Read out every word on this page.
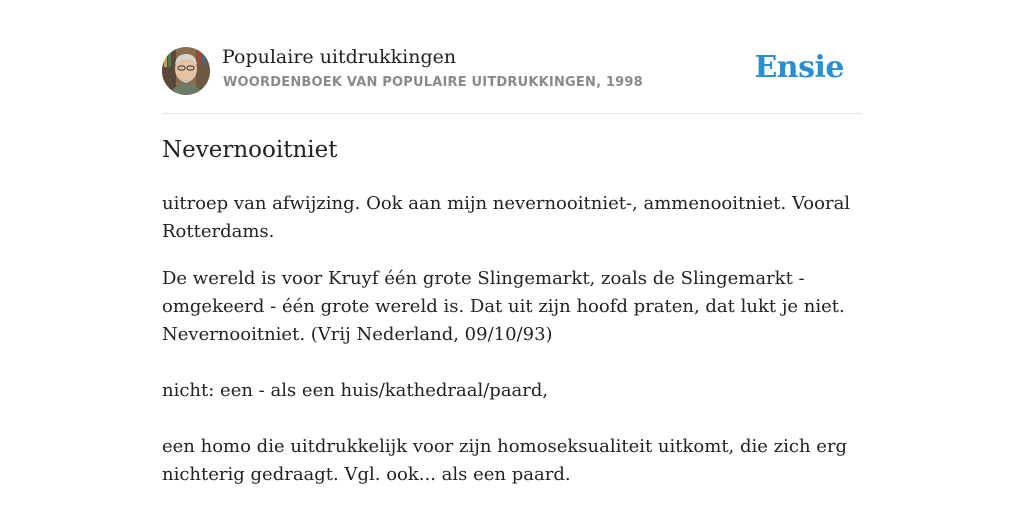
Populaire uitdrukkingen
WOORDENBOEK VAN POPULAIRE UITDRUKKINGEN, 1998	Ensie
Nevernooitniet

uitroep van afwijzing. Ook aan mijn nevernooitniet-, ammenooitniet. Vooral Rotterdams.

De wereld is voor Kruyf één grote Slingemarkt, zoals de Slingemarkt - omgekeerd - één grote wereld is. Dat uit zijn hoofd praten, dat lukt je niet. Nevernooitniet. (Vrij Nederland, 09/10/93)

nicht: een - als een huis/kathedraal/paard,

een homo die uitdrukkelijk voor zijn homoseksualiteit uitkomt, die zich erg nichterig gedraagt. Vgl. ook... als een paard.
